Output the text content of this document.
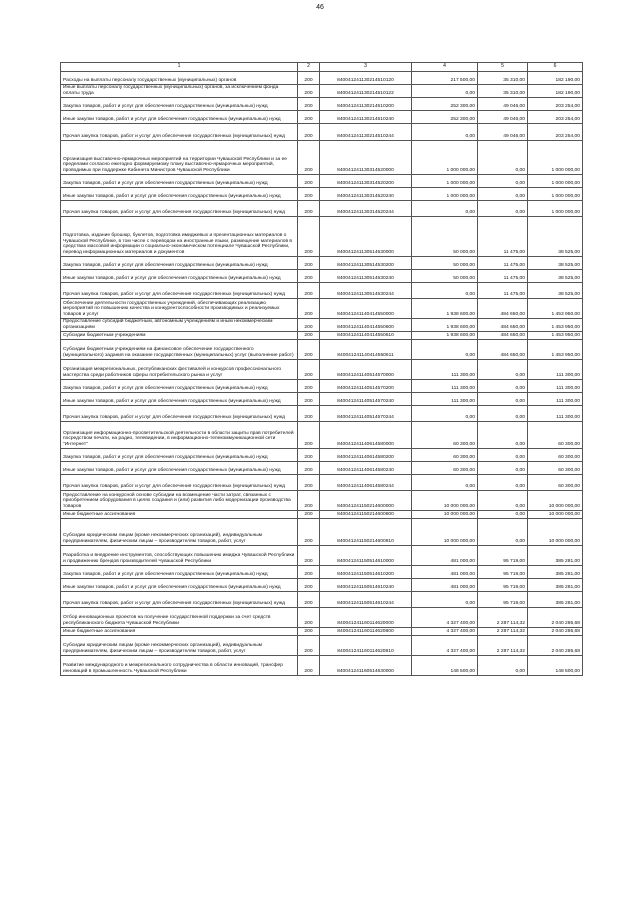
46
1	2	3	4	5	6
Расходы на выплаты персоналу государственных (муниципальных) органов	200	840041241130214510120	217 500,00	35 310,00	182 190,00
Иные выплаты персоналу государственных (муниципальных) органов, за исключением фонда оплаты труда	200	840041241130214510122	0,00	35 310,00	182 190,00
Закупка товаров, работ и услуг для обеспечения государственных (муниципальных) нужд	200	840041241130214510200	252 300,00	49 046,00	203 254,00
Иные закупки товаров, работ и услуг для обеспечения государственных (муниципальных) нужд	200	840041241130214510240	252 300,00	49 046,00	203 254,00
Прочая закупка товаров, работ и услуг для обеспечения государственных (муниципальных) нужд	200	840041241130214510244	0,00	49 046,00	203 254,00
Организация выставочно-ярмарочных мероприятий на территории Чувашской Республики и за ее пределами согласно ежегодно формируемому плану выставочно-ярмарочных мероприятий, проводимых при поддержке Кабинета Министров Чувашской Республики	200	840041241130314520000	1 000 000,00	0,00	1 000 000,00
Закупка товаров, работ и услуг для обеспечения государственных (муниципальных) нужд	200	840041241130314520200	1 000 000,00	0,00	1 000 000,00
Иные закупки товаров, работ и услуг для обеспечения государственных (муниципальных) нужд	200	840041241130314520240	1 000 000,00	0,00	1 000 000,00
Прочая закупка товаров, работ и услуг для обеспечения государственных (муниципальных) нужд	200	840041241130314520244	0,00	0,00	1 000 000,00
Подготовка, издание брошюр, буклетов, подготовка имиджевых и презентационных материалов о Чувашской Республике, в том числе с переводом на иностранные языки, размещение материалов в средствах массовой информации о социально-экономическом потенциале Чувашской Республики, перевод информационных материалов и документов	200	840041241130514530000	50 000,00	11 475,00	38 525,00
Закупка товаров, работ и услуг для обеспечения государственных (муниципальных) нужд	200	840041241130514530200	50 000,00	11 475,00	38 525,00
Иные закупки товаров, работ и услуг для обеспечения государственных (муниципальных) нужд	200	840041241130514530240	50 000,00	11 475,00	38 525,00
Прочая закупка товаров, работ и услуг для обеспечения государственных (муниципальных) нужд	200	840041241130514530244	0,00	11 475,00	38 525,00
Обеспечение деятельности государственных учреждений, обеспечивающих реализацию мероприятий по повышению качества и конкурентоспособности производимых и реализуемых товаров и услуг	200	840041241140414550000	1 938 600,00	484 650,00	1 453 950,00
Предоставление субсидий бюджетным, автономным учреждениям и иным некоммерческим организациям	200	840041241140414550600	1 938 600,00	484 650,00	1 453 950,00
Субсидии бюджетным учреждениям	200	840041241140414550610	1 938 600,00	484 650,00	1 453 950,00
Субсидии бюджетным учреждениям на финансовое обеспечение государственного (муниципального) задания на оказание государственных (муниципальных) услуг (выполнение работ)	200	840041241140414550611	0,00	484 650,00	1 453 950,00
Организация межрегиональных, республиканских фестивалей и конкурсов профессионального мастерства среди работников сферы потребительского рынка и услуг	200	840041241140514570000	111 300,00	0,00	111 300,00
Закупка товаров, работ и услуг для обеспечения государственных (муниципальных) нужд	200	840041241140514570200	111 300,00	0,00	111 300,00
Иные закупки товаров, работ и услуг для обеспечения государственных (муниципальных) нужд	200	840041241140514570240	111 300,00	0,00	111 300,00
Прочая закупка товаров, работ и услуг для обеспечения государственных (муниципальных) нужд	200	840041241140514570244	0,00	0,00	111 300,00
Организация информационно-просветительской деятельности в области защиты прав потребителей посредством печати, на радио, телевидении, в информационно-телекоммуникационной сети "Интернет"	200	840041241140614580000	60 300,00	0,00	60 300,00
Закупка товаров, работ и услуг для обеспечения государственных (муниципальных) нужд	200	840041241140614580200	60 300,00	0,00	60 300,00
Иные закупки товаров, работ и услуг для обеспечения государственных (муниципальных) нужд	200	840041241140614580240	60 300,00	0,00	60 300,00
Прочая закупка товаров, работ и услуг для обеспечения государственных (муниципальных) нужд	200	840041241140614580244	0,00	0,00	60 300,00
Предоставление на конкурсной основе субсидии на возмещение части затрат, связанных с приобретением оборудования в целях создания и (или) развития либо модернизации производства товаров	200	840041241150214600000	10 000 000,00	0,00	10 000 000,00
Иные бюджетные ассигнования	200	840041241150214600800	10 000 000,00	0,00	10 000 000,00
Субсидии юридическим лицам (кроме некоммерческих организаций), индивидуальным предпринимателям, физическим лицам – производителям товаров, работ, услуг	200	840041241150214600810	10 000 000,00	0,00	10 000 000,00
Разработка и внедрение инструментов, способствующих повышению имиджа Чувашской Республики и продвижению брендов производителей Чувашской Республики	200	840041241150514610000	481 000,00	95 719,00	385 281,00
Закупка товаров, работ и услуг для обеспечения государственных (муниципальных) нужд	200	840041241150514610200	481 000,00	95 719,00	385 281,00
Иные закупки товаров, работ и услуг для обеспечения государственных (муниципальных) нужд	200	840041241150514610240	481 000,00	95 719,00	385 281,00
Прочая закупка товаров, работ и услуг для обеспечения государственных (муниципальных) нужд	200	840041241150514610244	0,00	95 719,00	385 281,00
Отбор инновационных проектов на получение государственной поддержки за счет средств республиканского бюджета Чувашской Республики	200	840041241160114620000	4 327 400,00	2 287 114,32	2 040 285,68
Иные бюджетные ассигнования	200	840041241160114620800	4 327 400,00	2 287 114,32	2 040 285,68
Субсидии юридическим лицам (кроме некоммерческих организаций), индивидуальным предпринимателям, физическим лицам – производителям товаров, работ, услуг	200	840041241160114620810	4 327 400,00	2 287 114,32	2 040 285,68
Развитие международного и межрегионального сотрудничества в области инноваций, трансфер инноваций в промышленность Чувашской Республики	200	840041241160514630000	148 500,00	0,00	148 500,00
